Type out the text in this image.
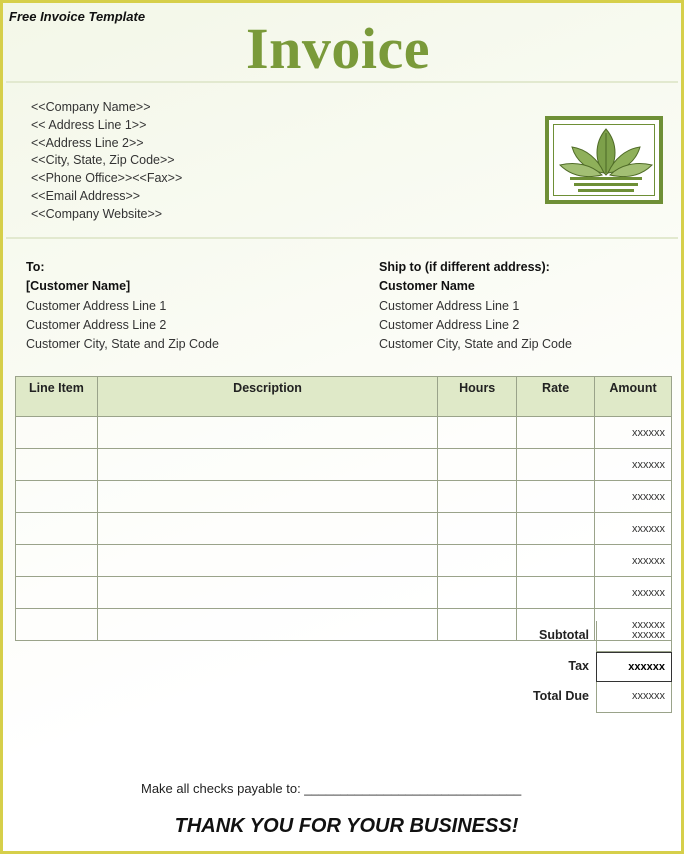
Free Invoice Template	Invoice
<<Company Name>>
<< Address Line 1>>
<<Address Line 2>>
<<City, State, Zip Code>>
<<Phone Office>><<Fax>>
<<Email Address>>
<<Company Website>>
To:
[Customer Name]
Customer Address Line 1
Customer Address Line 2
Customer City, State and Zip Code
Ship to (if different address):
Customer Name
Customer Address Line 1
Customer Address Line 2
Customer City, State and Zip Code
Line Item	Description	Hours	Rate	Amount
				xxxxxx
				xxxxxx
				xxxxxx
				xxxxxx
				xxxxxx
				xxxxxx
				xxxxxx
Subtotal	xxxxxx
Tax	xxxxxx
Total Due	xxxxxx
Make all checks payable to: ______________________________
THANK YOU FOR YOUR BUSINESS!
